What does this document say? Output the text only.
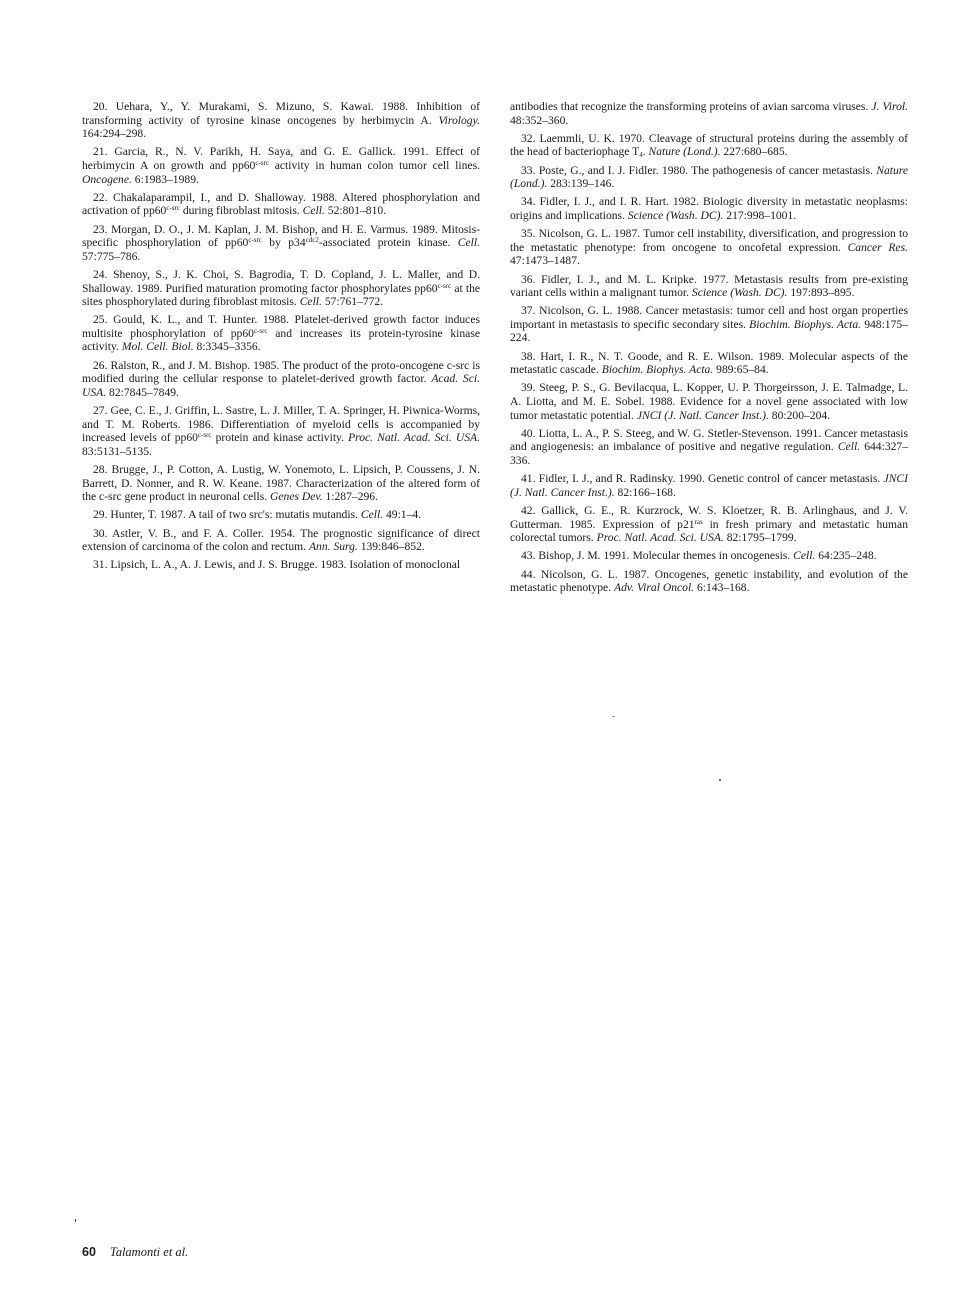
20. Uehara, Y., Y. Murakami, S. Mizuno, S. Kawai. 1988. Inhibition of transforming activity of tyrosine kinase oncogenes by herbimycin A. Virology. 164:294–298.

21. Garcia, R., N. V. Parikh, H. Saya, and G. E. Gallick. 1991. Effect of herbimycin A on growth and $pp60^{c-src}$ activity in human colon tumor cell lines. Oncogene. 6:1983–1989.

22. Chakalaparampil, I., and D. Shalloway. 1988. Altered phosphorylation and activation of $pp60^{c-src}$ during fibroblast mitosis. Cell. 52:801–810.

23. Morgan, D. O., J. M. Kaplan, J. M. Bishop, and H. E. Varmus. 1989. Mitosis-specific phosphorylation of $pp60^{c-src}$ by $p34^{cdc2}$-associated protein kinase. Cell. 57:775–786.

24. Shenoy, S., J. K. Choi, S. Bagrodia, T. D. Copland, J. L. Maller, and D. Shalloway. 1989. Purified maturation promoting factor phosphorylates $pp60^{c-src}$ at the sites phosphorylated during fibroblast mitosis. Cell. 57:761–772.

25. Gould, K. L., and T. Hunter. 1988. Platelet-derived growth factor induces multisite phosphorylation of $pp60^{c-src}$ and increases its protein-tyrosine kinase activity. Mol. Cell. Biol. 8:3345–3356.

26. Ralston, R., and J. M. Bishop. 1985. The product of the proto-oncogene c-src is modified during the cellular response to platelet-derived growth factor. Acad. Sci. USA. 82:7845–7849.

27. Gee, C. E., J. Griffin, L. Sastre, L. J. Miller, T. A. Springer, H. Piwnica-Worms, and T. M. Roberts. 1986. Differentiation of myeloid cells is accompanied by increased levels of $pp60^{c-src}$ protein and kinase activity. Proc. Natl. Acad. Sci. USA. 83:5131–5135.

28. Brugge, J., P. Cotton, A. Lustig, W. Yonemoto, L. Lipsich, P. Coussens, J. N. Barrett, D. Nonner, and R. W. Keane. 1987. Characterization of the altered form of the c-src gene product in neuronal cells. Genes Dev. 1:287–296.

29. Hunter, T. 1987. A tail of two src's: mutatis mutandis. Cell. 49:1–4.

30. Astler, V. B., and F. A. Coller. 1954. The prognostic significance of direct extension of carcinoma of the colon and rectum. Ann. Surg. 139:846–852.

31. Lipsich, L. A., A. J. Lewis, and J. S. Brugge. 1983. Isolation of monoclonal

antibodies that recognize the transforming proteins of avian sarcoma viruses. J. Virol. 48:352–360.

32. Laemmli, U. K. 1970. Cleavage of structural proteins during the assembly of the head of bacteriophage $T_4$. Nature (Lond.). 227:680–685.

33. Poste, G., and I. J. Fidler. 1980. The pathogenesis of cancer metastasis. Nature (Lond.). 283:139–146.

34. Fidler, I. J., and I. R. Hart. 1982. Biologic diversity in metastatic neoplasms: origins and implications. Science (Wash. DC). 217:998–1001.

35. Nicolson, G. L. 1987. Tumor cell instability, diversification, and progression to the metastatic phenotype: from oncogene to oncofetal expression. Cancer Res. 47:1473–1487.

36. Fidler, I. J., and M. L. Kripke. 1977. Metastasis results from pre-existing variant cells within a malignant tumor. Science (Wash. DC). 197:893–895.

37. Nicolson, G. L. 1988. Cancer metastasis: tumor cell and host organ properties important in metastasis to specific secondary sites. Biochim. Biophys. Acta. 948:175–224.

38. Hart, I. R., N. T. Goode, and R. E. Wilson. 1989. Molecular aspects of the metastatic cascade. Biochim. Biophys. Acta. 989:65–84.

39. Steeg, P. S., G. Bevilacqua, L. Kopper, U. P. Thorgeirsson, J. E. Talmadge, L. A. Liotta, and M. E. Sobel. 1988. Evidence for a novel gene associated with low tumor metastatic potential. JNCI (J. Natl. Cancer Inst.). 80:200–204.

40. Liotta, L. A., P. S. Steeg, and W. G. Stetler-Stevenson. 1991. Cancer metastasis and angiogenesis: an imbalance of positive and negative regulation. Cell. 644:327–336.

41. Fidler, I. J., and R. Radinsky. 1990. Genetic control of cancer metastasis. JNCI (J. Natl. Cancer Inst.). 82:166–168.

42. Gallick, G. E., R. Kurzrock, W. S. Kloetzer, R. B. Arlinghaus, and J. V. Gutterman. 1985. Expression of $p21^{ras}$ in fresh primary and metastatic human colorectal tumors. Proc. Natl. Acad. Sci. USA. 82:1795–1799.

43. Bishop, J. M. 1991. Molecular themes in oncogenesis. Cell. 64:235–248.

44. Nicolson, G. L. 1987. Oncogenes, genetic instability, and evolution of the metastatic phenotype. Adv. Viral Oncol. 6:143–168.

60 Talamonti et al.
